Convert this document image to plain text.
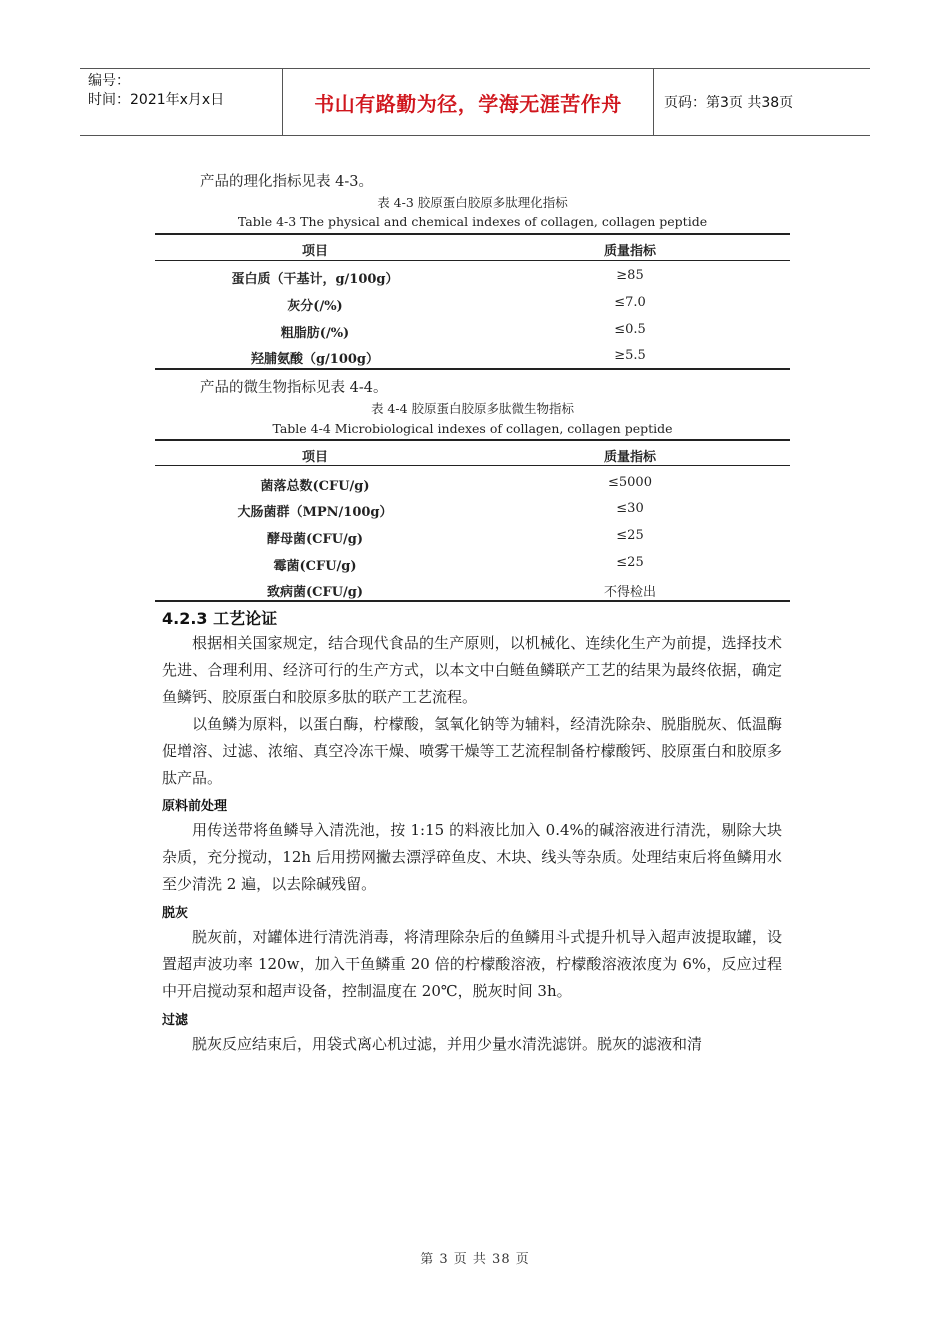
编号：
时间：2021年x月x日	书山有路勤为径，学海无涯苦作舟	页码：第3页 共38页
产品的理化指标见表 4-3。
表 4-3 胶原蛋白胶原多肽理化指标
Table 4-3 The physical and chemical indexes of collagen, collagen peptide
项目	质量指标
蛋白质（干基计，g/100g）	≥85
灰分(/%)	≤7.0
粗脂肪(/%)	≤0.5
羟脯氨酸（g/100g）	≥5.5
产品的微生物指标见表 4-4。
表 4-4 胶原蛋白胶原多肽微生物指标
Table 4-4 Microbiological indexes of collagen, collagen peptide
项目	质量指标
菌落总数(CFU/g)	≤5000
大肠菌群（MPN/100g）	≤30
酵母菌(CFU/g)	≤25
霉菌(CFU/g)	≤25
致病菌(CFU/g)	不得检出
4.2.3 工艺论证
根据相关国家规定，结合现代食品的生产原则，以机械化、连续化生产为前提，选择技术先进、合理利用、经济可行的生产方式，以本文中白鲢鱼鳞联产工艺的结果为最终依据，确定鱼鳞钙、胶原蛋白和胶原多肽的联产工艺流程。
以鱼鳞为原料，以蛋白酶，柠檬酸，氢氧化钠等为辅料，经清洗除杂、脱脂脱灰、低温酶促增溶、过滤、浓缩、真空冷冻干燥、喷雾干燥等工艺流程制备柠檬酸钙、胶原蛋白和胶原多肽产品。
原料前处理
用传送带将鱼鳞导入清洗池，按 1:15 的料液比加入 0.4%的碱溶液进行清洗，剔除大块杂质，充分搅动，12h 后用捞网撇去漂浮碎鱼皮、木块、线头等杂质。处理结束后将鱼鳞用水至少清洗 2 遍，以去除碱残留。
脱灰
脱灰前，对罐体进行清洗消毒，将清理除杂后的鱼鳞用斗式提升机导入超声波提取罐，设置超声波功率 120w，加入干鱼鳞重 20 倍的柠檬酸溶液，柠檬酸溶液浓度为 6%，反应过程中开启搅动泵和超声设备，控制温度在 20℃，脱灰时间 3h。
过滤
脱灰反应结束后，用袋式离心机过滤，并用少量水清洗滤饼。脱灰的滤液和清
第 3 页 共 38 页
